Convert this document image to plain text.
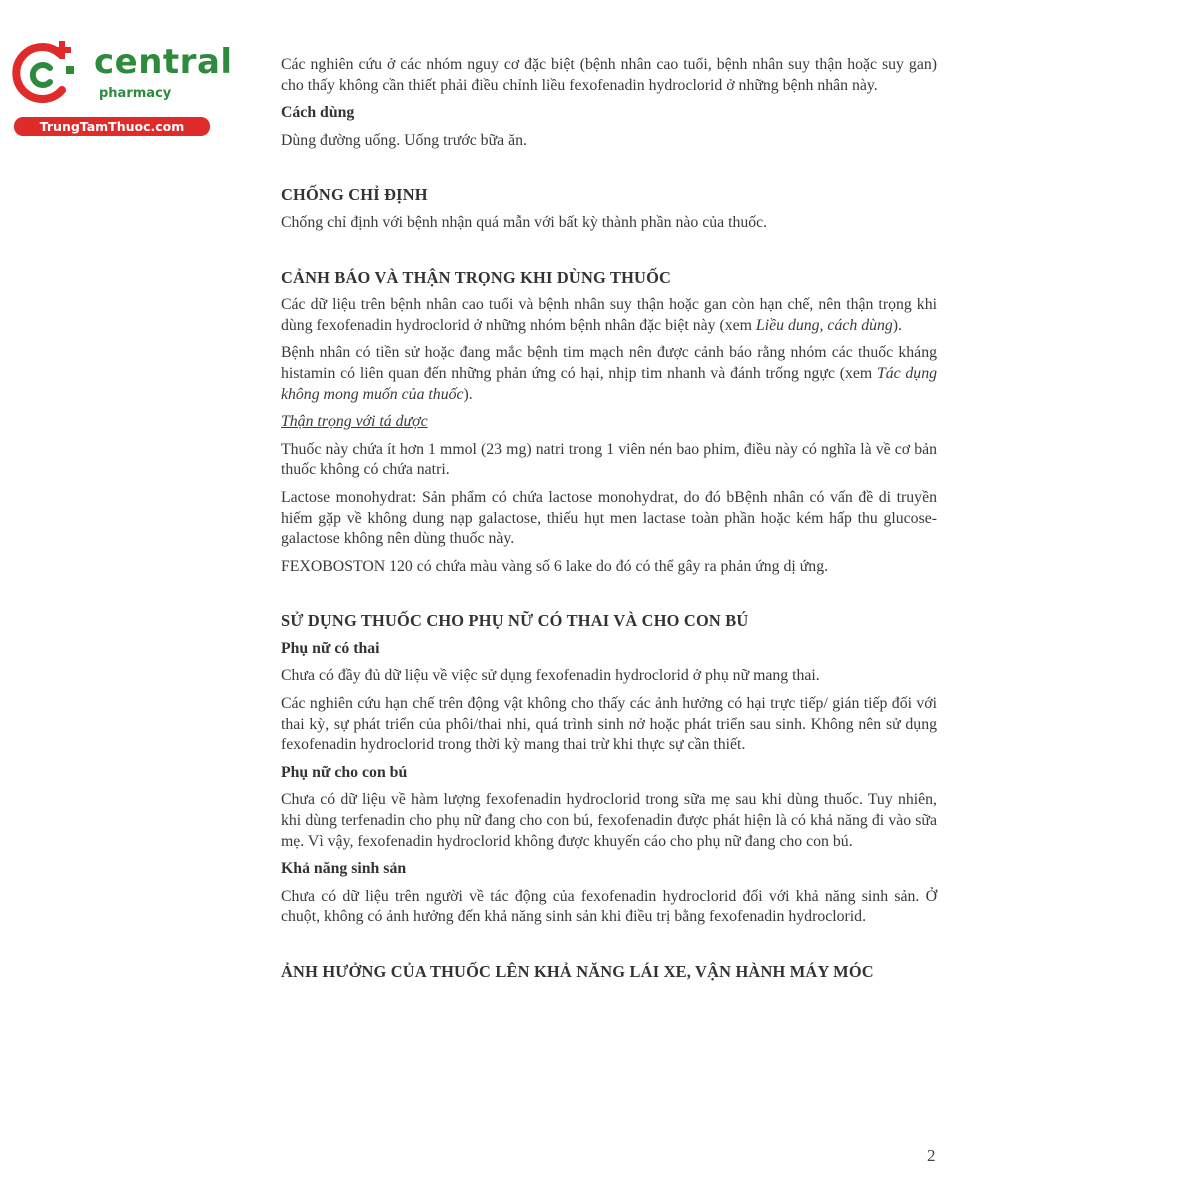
central
pharmacy
TrungTamThuoc.com

Các nghiên cứu ở các nhóm nguy cơ đặc biệt (bệnh nhân cao tuổi, bệnh nhân suy thận hoặc suy gan) cho thấy không cần thiết phải điều chỉnh liều fexofenadin hydroclorid ở những bệnh nhân này.

Cách dùng

Dùng đường uống. Uống trước bữa ăn.

CHỐNG CHỈ ĐỊNH

Chống chỉ định với bệnh nhận quá mẫn với bất kỳ thành phần nào của thuốc.

CẢNH BÁO VÀ THẬN TRỌNG KHI DÙNG THUỐC

Các dữ liệu trên bệnh nhân cao tuổi và bệnh nhân suy thận hoặc gan còn hạn chế, nên thận trọng khi dùng fexofenadin hydroclorid ở những nhóm bệnh nhân đặc biệt này (xem Liều dung, cách dùng).

Bệnh nhân có tiền sử hoặc đang mắc bệnh tim mạch nên được cảnh báo rằng nhóm các thuốc kháng histamin có liên quan đến những phản ứng có hại, nhịp tim nhanh và đánh trống ngực (xem Tác dụng không mong muốn của thuốc).

Thận trọng với tá dược

Thuốc này chứa ít hơn 1 mmol (23 mg) natri trong 1 viên nén bao phim, điều này có nghĩa là về cơ bản thuốc không có chứa natri.

Lactose monohydrat: Sản phẩm có chứa lactose monohydrat, do đó bBệnh nhân có vấn đề di truyền hiếm gặp về không dung nạp galactose, thiếu hụt men lactase toàn phần hoặc kém hấp thu glucose-galactose không nên dùng thuốc này.

FEXOBOSTON 120 có chứa màu vàng số 6 lake do đó có thể gây ra phản ứng dị ứng.

SỬ DỤNG THUỐC CHO PHỤ NỮ CÓ THAI VÀ CHO CON BÚ

Phụ nữ có thai

Chưa có đầy đủ dữ liệu về việc sử dụng fexofenadin hydroclorid ở phụ nữ mang thai.

Các nghiên cứu hạn chế trên động vật không cho thấy các ảnh hưởng có hại trực tiếp/ gián tiếp đối với thai kỳ, sự phát triển của phôi/thai nhi, quá trình sinh nở hoặc phát triển sau sinh. Không nên sử dụng fexofenadin hydroclorid trong thời kỳ mang thai trừ khi thực sự cần thiết.

Phụ nữ cho con bú

Chưa có dữ liệu về hàm lượng fexofenadin hydroclorid trong sữa mẹ sau khi dùng thuốc. Tuy nhiên, khi dùng terfenadin cho phụ nữ đang cho con bú, fexofenadin được phát hiện là có khả năng đi vào sữa mẹ. Vì vậy, fexofenadin hydroclorid không được khuyến cáo cho phụ nữ đang cho con bú.

Khả năng sinh sản

Chưa có dữ liệu trên người về tác động của fexofenadin hydroclorid đối với khả năng sinh sản. Ở chuột, không có ảnh hưởng đến khả năng sinh sản khi điều trị bằng fexofenadin hydroclorid.

ẢNH HƯỞNG CỦA THUỐC LÊN KHẢ NĂNG LÁI XE, VẬN HÀNH MÁY MÓC

2
